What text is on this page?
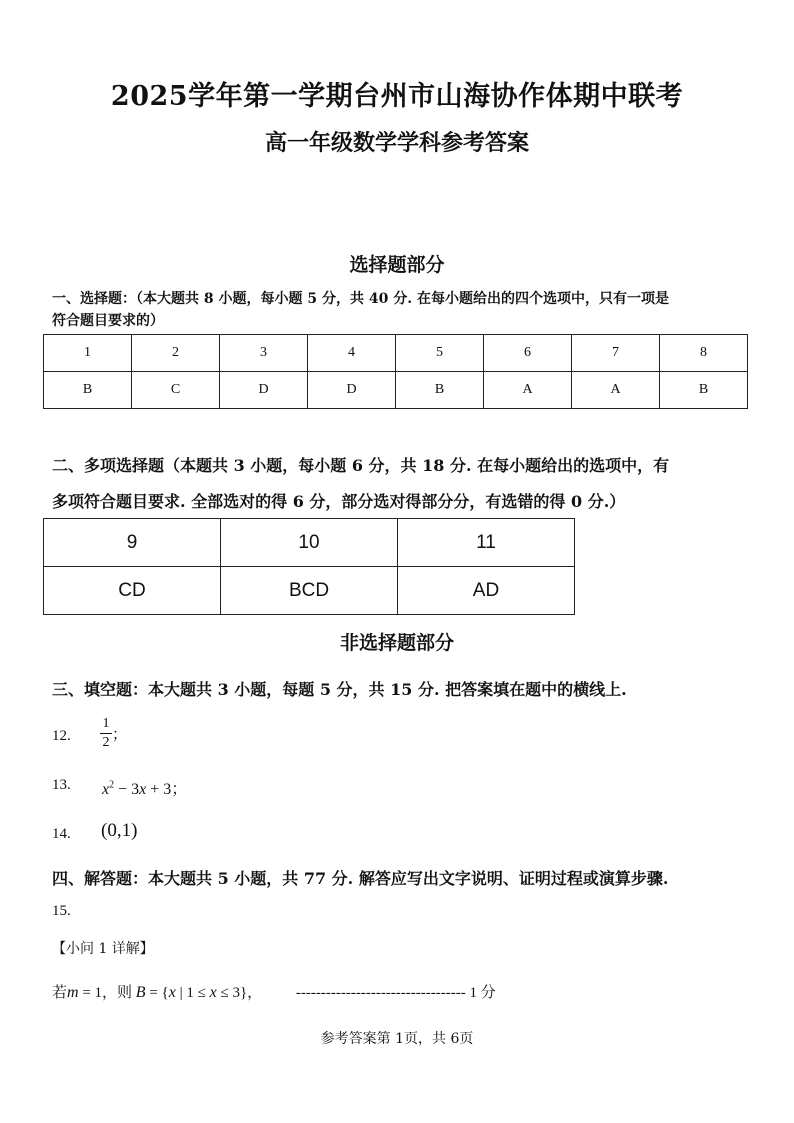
2025学年第一学期台州市山海协作体期中联考
高一年级数学学科参考答案
选择题部分
一、选择题：（本大题共 8 小题，每小题 5 分，共 40 分. 在每小题给出的四个选项中，只有一项是
符合题目要求的）
1	2	3	4	5	6	7	8
B	C	D	D	B	A	A	B
二、多项选择题（本题共 3 小题，每小题 6 分，共 18 分. 在每小题给出的选项中，有
多项符合题目要求. 全部选对的得 6 分，部分选对得部分分，有选错的得 0 分.）
9	10	11
CD	BCD	AD
非选择题部分
三、填空题：本大题共 3 小题，每题 5 分，共 15 分. 把答案填在题中的横线上.
12. $\frac{1}{2}$ ；
13. $x^2 - 3x + 3$；
14. (0,1)
四、解答题：本大题共 5 小题，共 77 分. 解答应写出文字说明、证明过程或演算步骤.
15.
【小问 1 详解】
若m = 1，则 B = {x | 1 ≤ x ≤ 3}， ---------------------------------- 1 分
参考答案第 1页，共 6页
